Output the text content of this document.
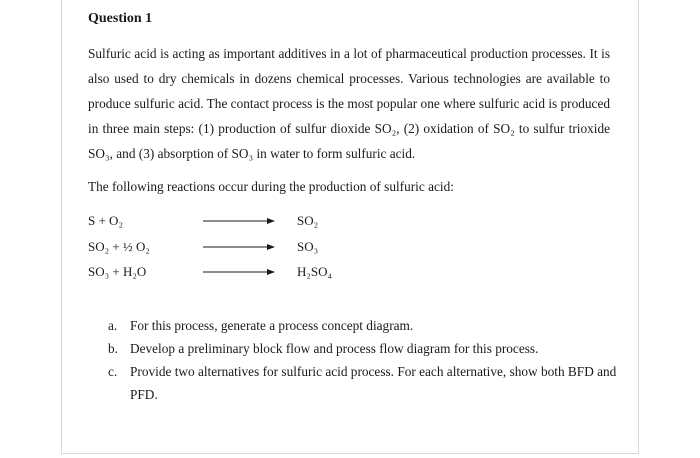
Question 1

Sulfuric acid is acting as important additives in a lot of pharmaceutical production processes. It is also used to dry chemicals in dozens chemical processes. Various technologies are available to produce sulfuric acid. The contact process is the most popular one where sulfuric acid is produced in three main steps: (1) production of sulfur dioxide SO₂, (2) oxidation of SO₂ to sulfur trioxide SO₃, and (3) absorption of SO₃ in water to form sulfuric acid.

The following reactions occur during the production of sulfuric acid:

S + O₂	SO₂
SO₂ + ½ O₂	SO₃
SO₃ + H₂O	H₂SO₄
a. For this process, generate a process concept diagram.
b. Develop a preliminary block flow and process flow diagram for this process.
c. Provide two alternatives for sulfuric acid process. For each alternative, show both BFD and PFD.
